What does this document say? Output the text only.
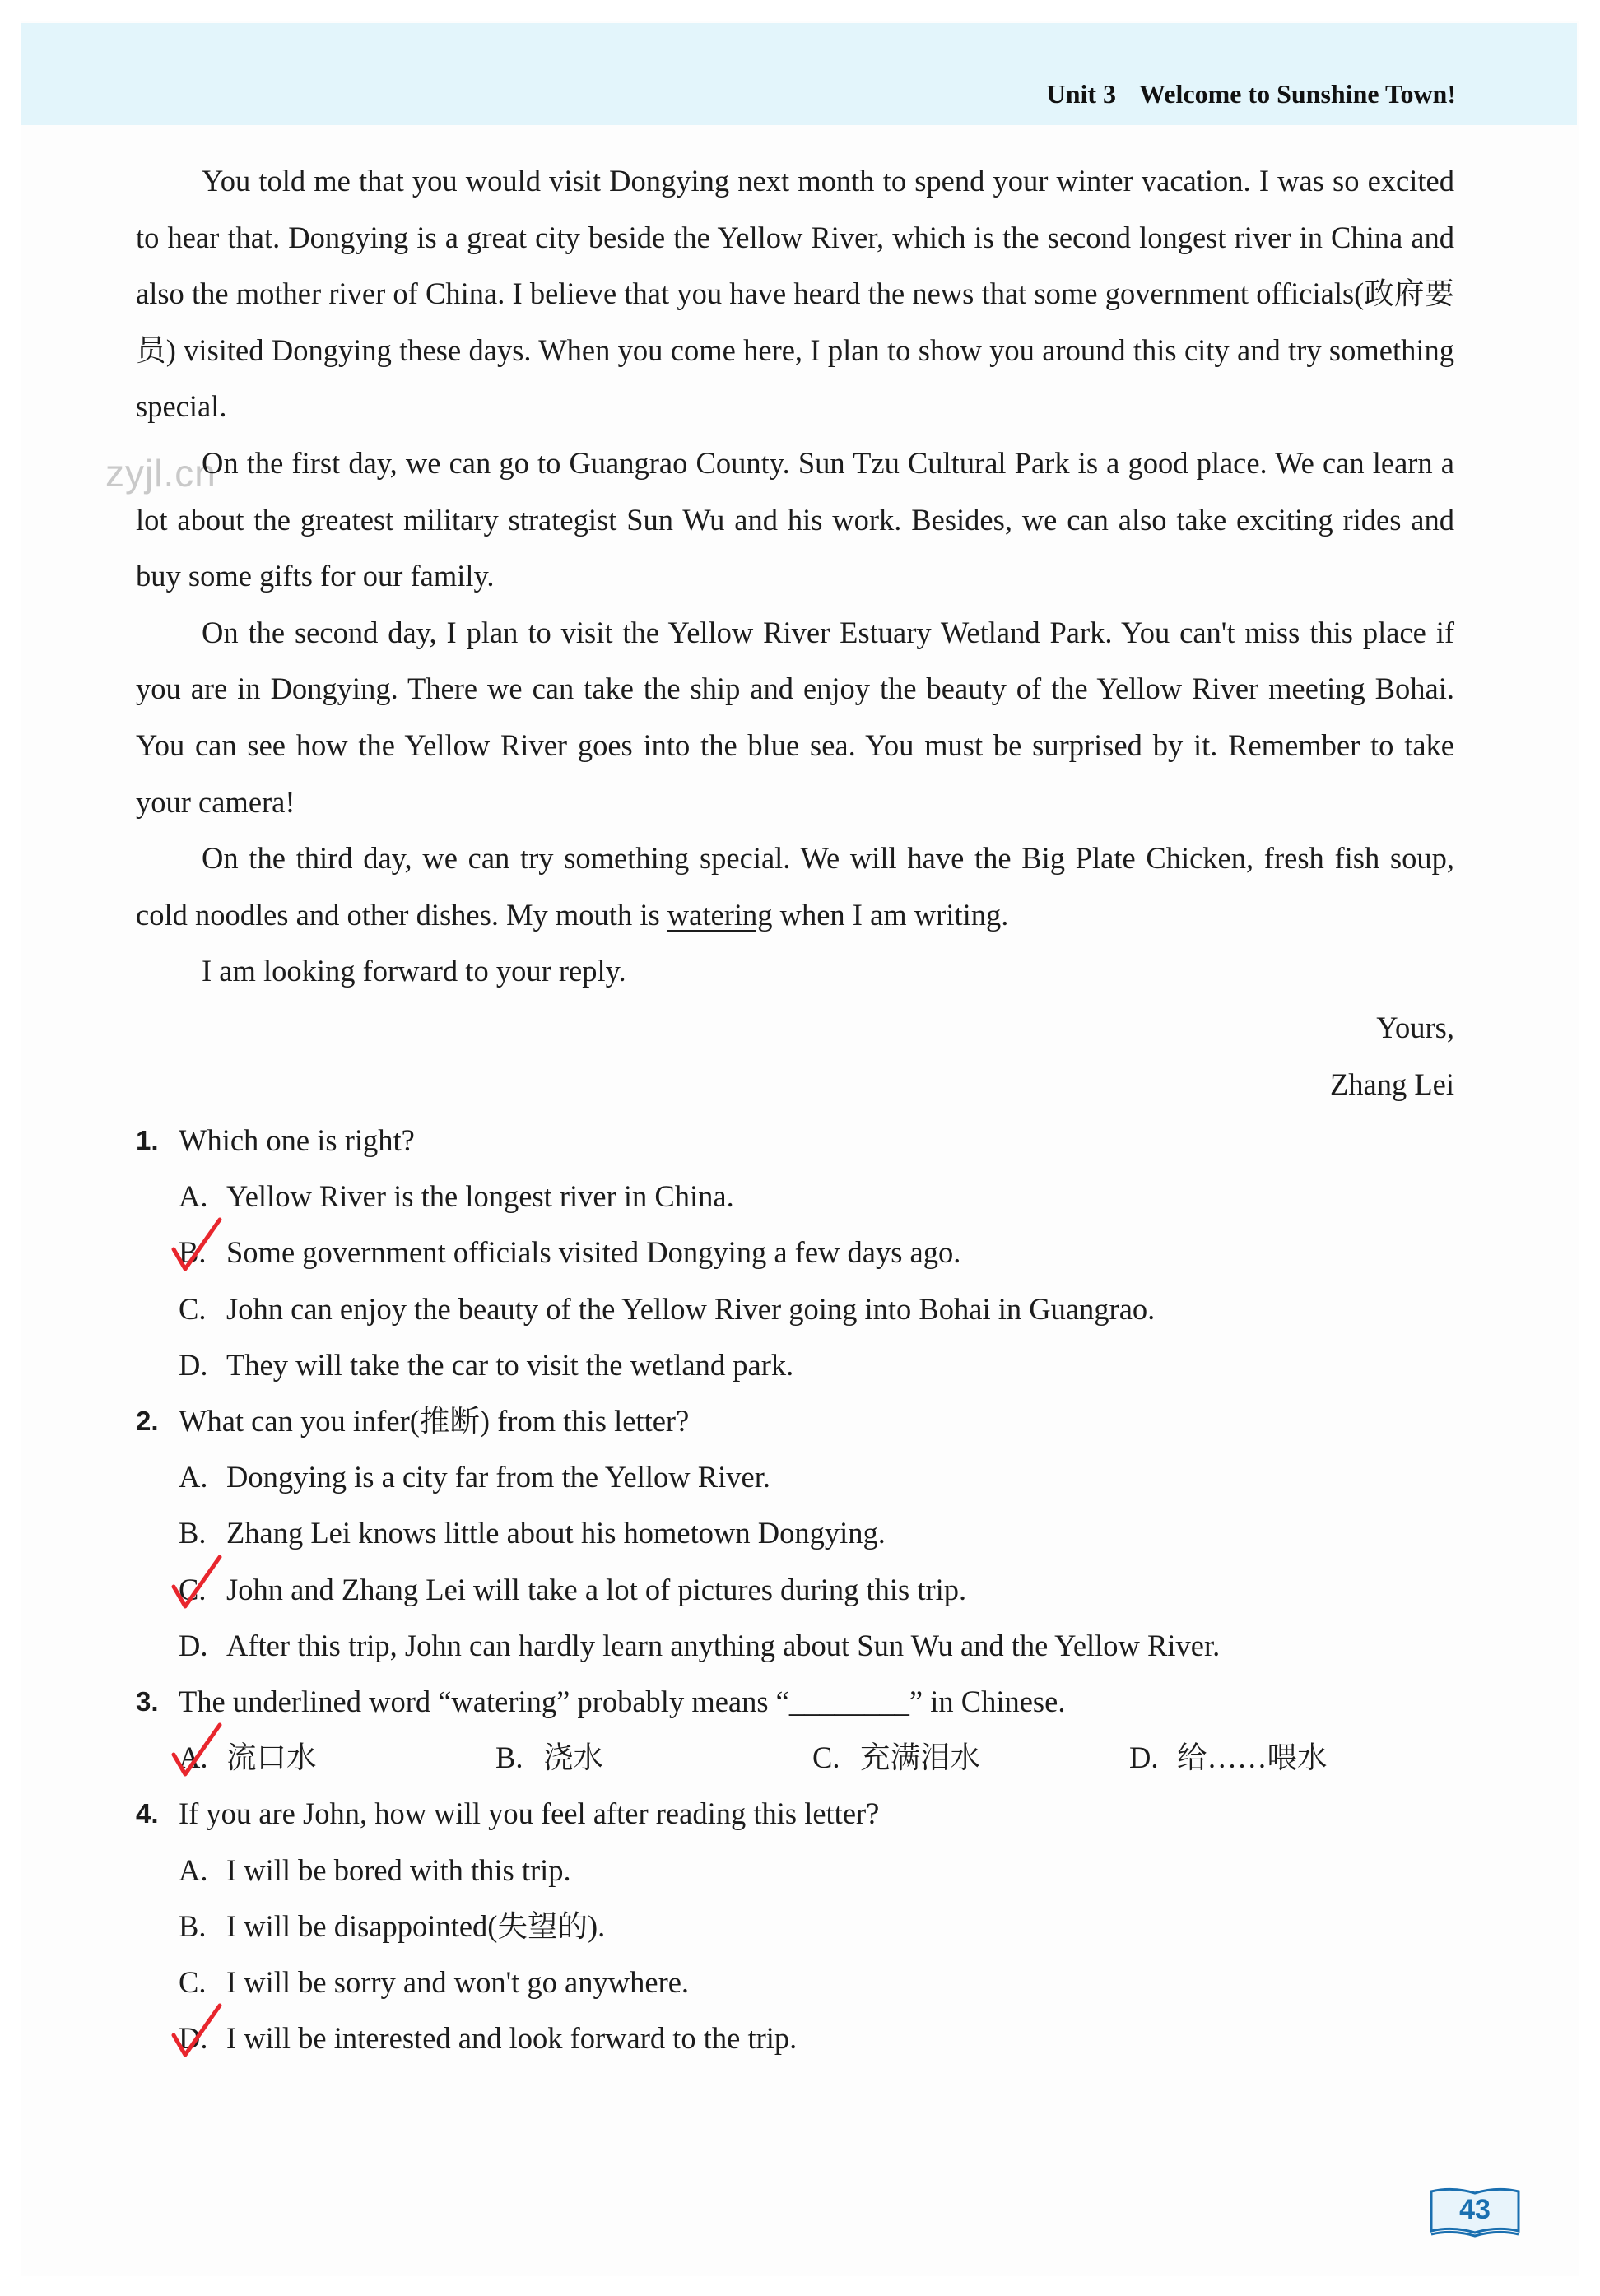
Unit 3 Welcome to Sunshine Town!
zyjl.cn

You told me that you would visit Dongying next month to spend your winter vacation. I was so excited to hear that. Dongying is a great city beside the Yellow River, which is the second longest river in China and also the mother river of China. I believe that you have heard the news that some government officials(政府要员) visited Dongying these days. When you come here, I plan to show you around this city and try something special.

On the first day, we can go to Guangrao County. Sun Tzu Cultural Park is a good place. We can learn a lot about the greatest military strategist Sun Wu and his work. Besides, we can also take exciting rides and buy some gifts for our family.

On the second day, I plan to visit the Yellow River Estuary Wetland Park. You can't miss this place if you are in Dongying. There we can take the ship and enjoy the beauty of the Yellow River meeting Bohai. You can see how the Yellow River goes into the blue sea. You must be surprised by it. Remember to take your camera!

On the third day, we can try something special. We will have the Big Plate Chicken, fresh fish soup, cold noodles and other dishes. My mouth is watering when I am writing.

I am looking forward to your reply.

Yours,

Zhang Lei

1. Which one is right?
A. Yellow River is the longest river in China.
B. Some government officials visited Dongying a few days ago.
C. John can enjoy the beauty of the Yellow River going into Bohai in Guangrao.
D. They will take the car to visit the wetland park.
2. What can you infer(推断) from this letter?
A. Dongying is a city far from the Yellow River.
B. Zhang Lei knows little about his hometown Dongying.
C. John and Zhang Lei will take a lot of pictures during this trip.
D. After this trip, John can hardly learn anything about Sun Wu and the Yellow River.
3. The underlined word “watering” probably means “________” in Chinese.
A. 流口水	B. 浇水	C. 充满泪水	D. 给……喂水
4. If you are John, how will you feel after reading this letter?
A. I will be bored with this trip.
B. I will be disappointed(失望的).
C. I will be sorry and won't go anywhere.
D. I will be interested and look forward to the trip.
43
